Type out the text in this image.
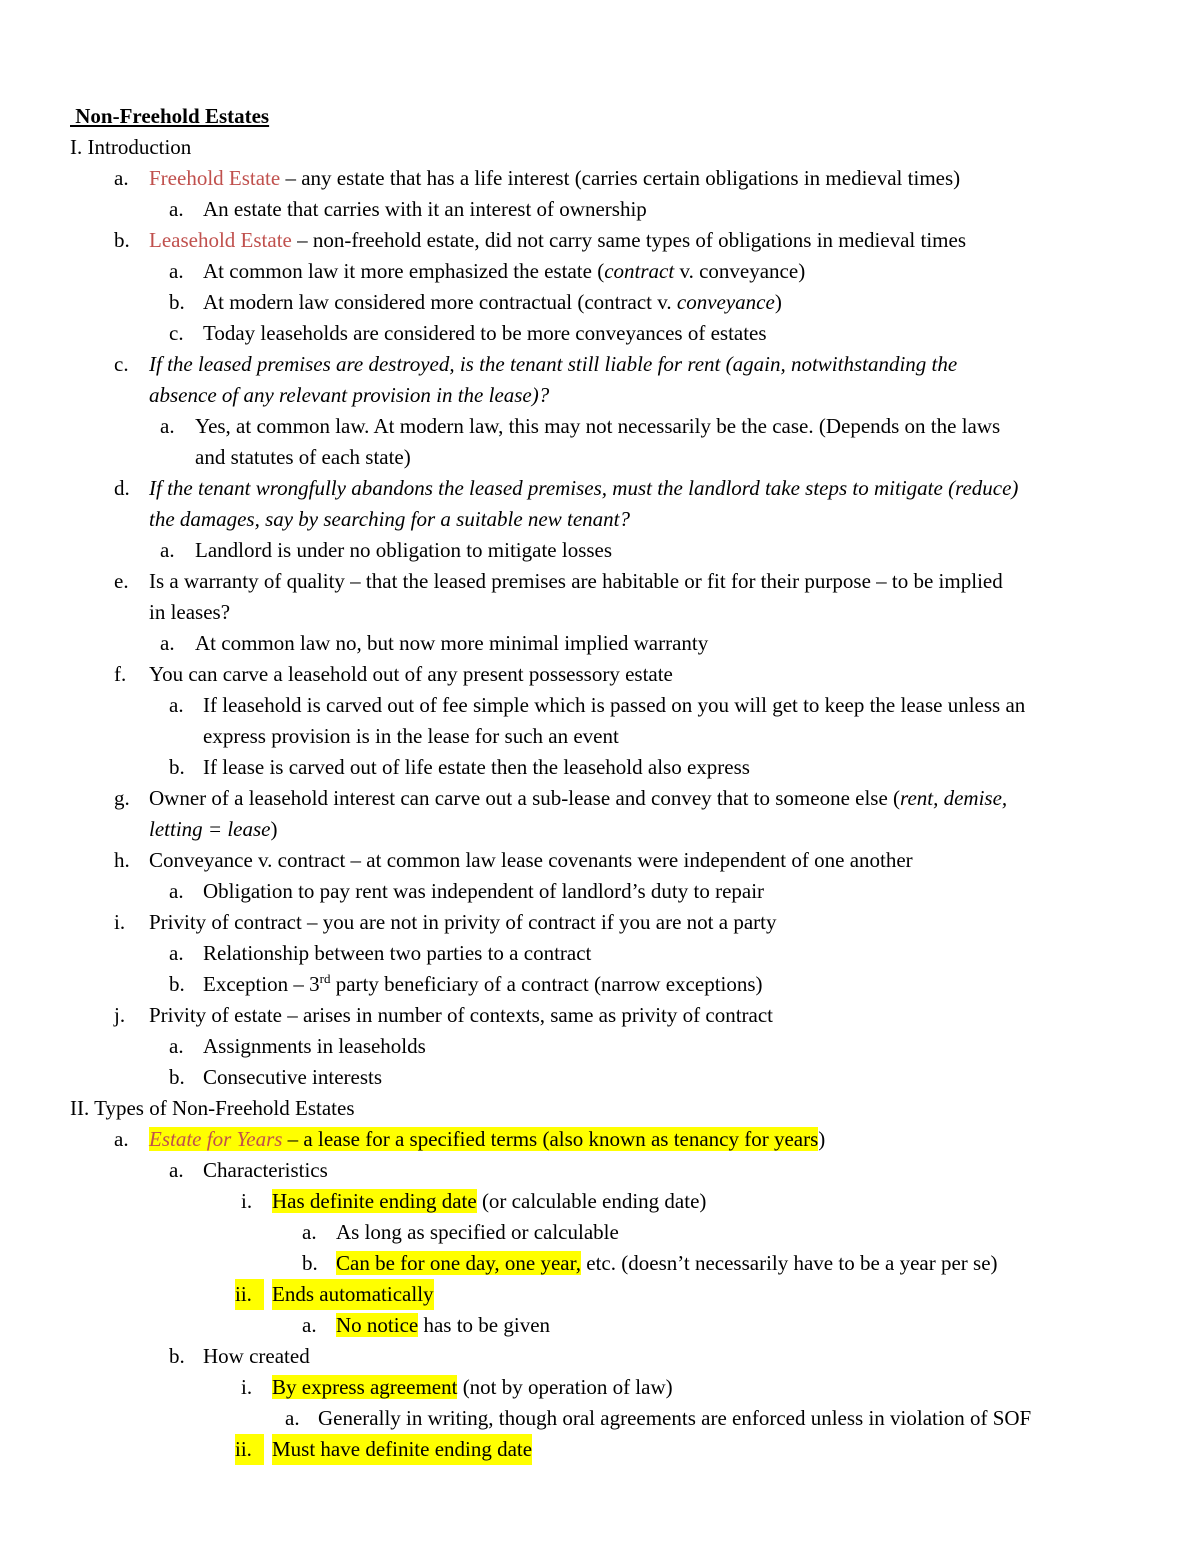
Non-Freehold Estates
I. Introduction
a. Freehold Estate – any estate that has a life interest (carries certain obligations in medieval times)
a. An estate that carries with it an interest of ownership
b. Leasehold Estate – non-freehold estate, did not carry same types of obligations in medieval times
a. At common law it more emphasized the estate (contract v. conveyance)
b. At modern law considered more contractual (contract v. conveyance)
c. Today leaseholds are considered to be more conveyances of estates
c. If the leased premises are destroyed, is the tenant still liable for rent (again, notwithstanding the
absence of any relevant provision in the lease)?
a. Yes, at common law. At modern law, this may not necessarily be the case. (Depends on the laws
and statutes of each state)
d. If the tenant wrongfully abandons the leased premises, must the landlord take steps to mitigate (reduce)
the damages, say by searching for a suitable new tenant?
a. Landlord is under no obligation to mitigate losses
e. Is a warranty of quality – that the leased premises are habitable or fit for their purpose – to be implied
in leases?
a. At common law no, but now more minimal implied warranty
f. You can carve a leasehold out of any present possessory estate
a. If leasehold is carved out of fee simple which is passed on you will get to keep the lease unless an
express provision is in the lease for such an event
b. If lease is carved out of life estate then the leasehold also express
g. Owner of a leasehold interest can carve out a sub-lease and convey that to someone else (rent, demise,
letting = lease)
h. Conveyance v. contract – at common law lease covenants were independent of one another
a. Obligation to pay rent was independent of landlord’s duty to repair
i. Privity of contract – you are not in privity of contract if you are not a party
a. Relationship between two parties to a contract
b. Exception – 3rd party beneficiary of a contract (narrow exceptions)
j. Privity of estate – arises in number of contexts, same as privity of contract
a. Assignments in leaseholds
b. Consecutive interests
II. Types of Non-Freehold Estates
a. Estate for Years – a lease for a specified terms (also known as tenancy for years)
a. Characteristics
i. Has definite ending date (or calculable ending date)
a. As long as specified or calculable
b. Can be for one day, one year, etc. (doesn’t necessarily have to be a year per se)
ii. Ends automatically
a. No notice has to be given
b. How created
i. By express agreement (not by operation of law)
a. Generally in writing, though oral agreements are enforced unless in violation of SOF
ii. Must have definite ending date
